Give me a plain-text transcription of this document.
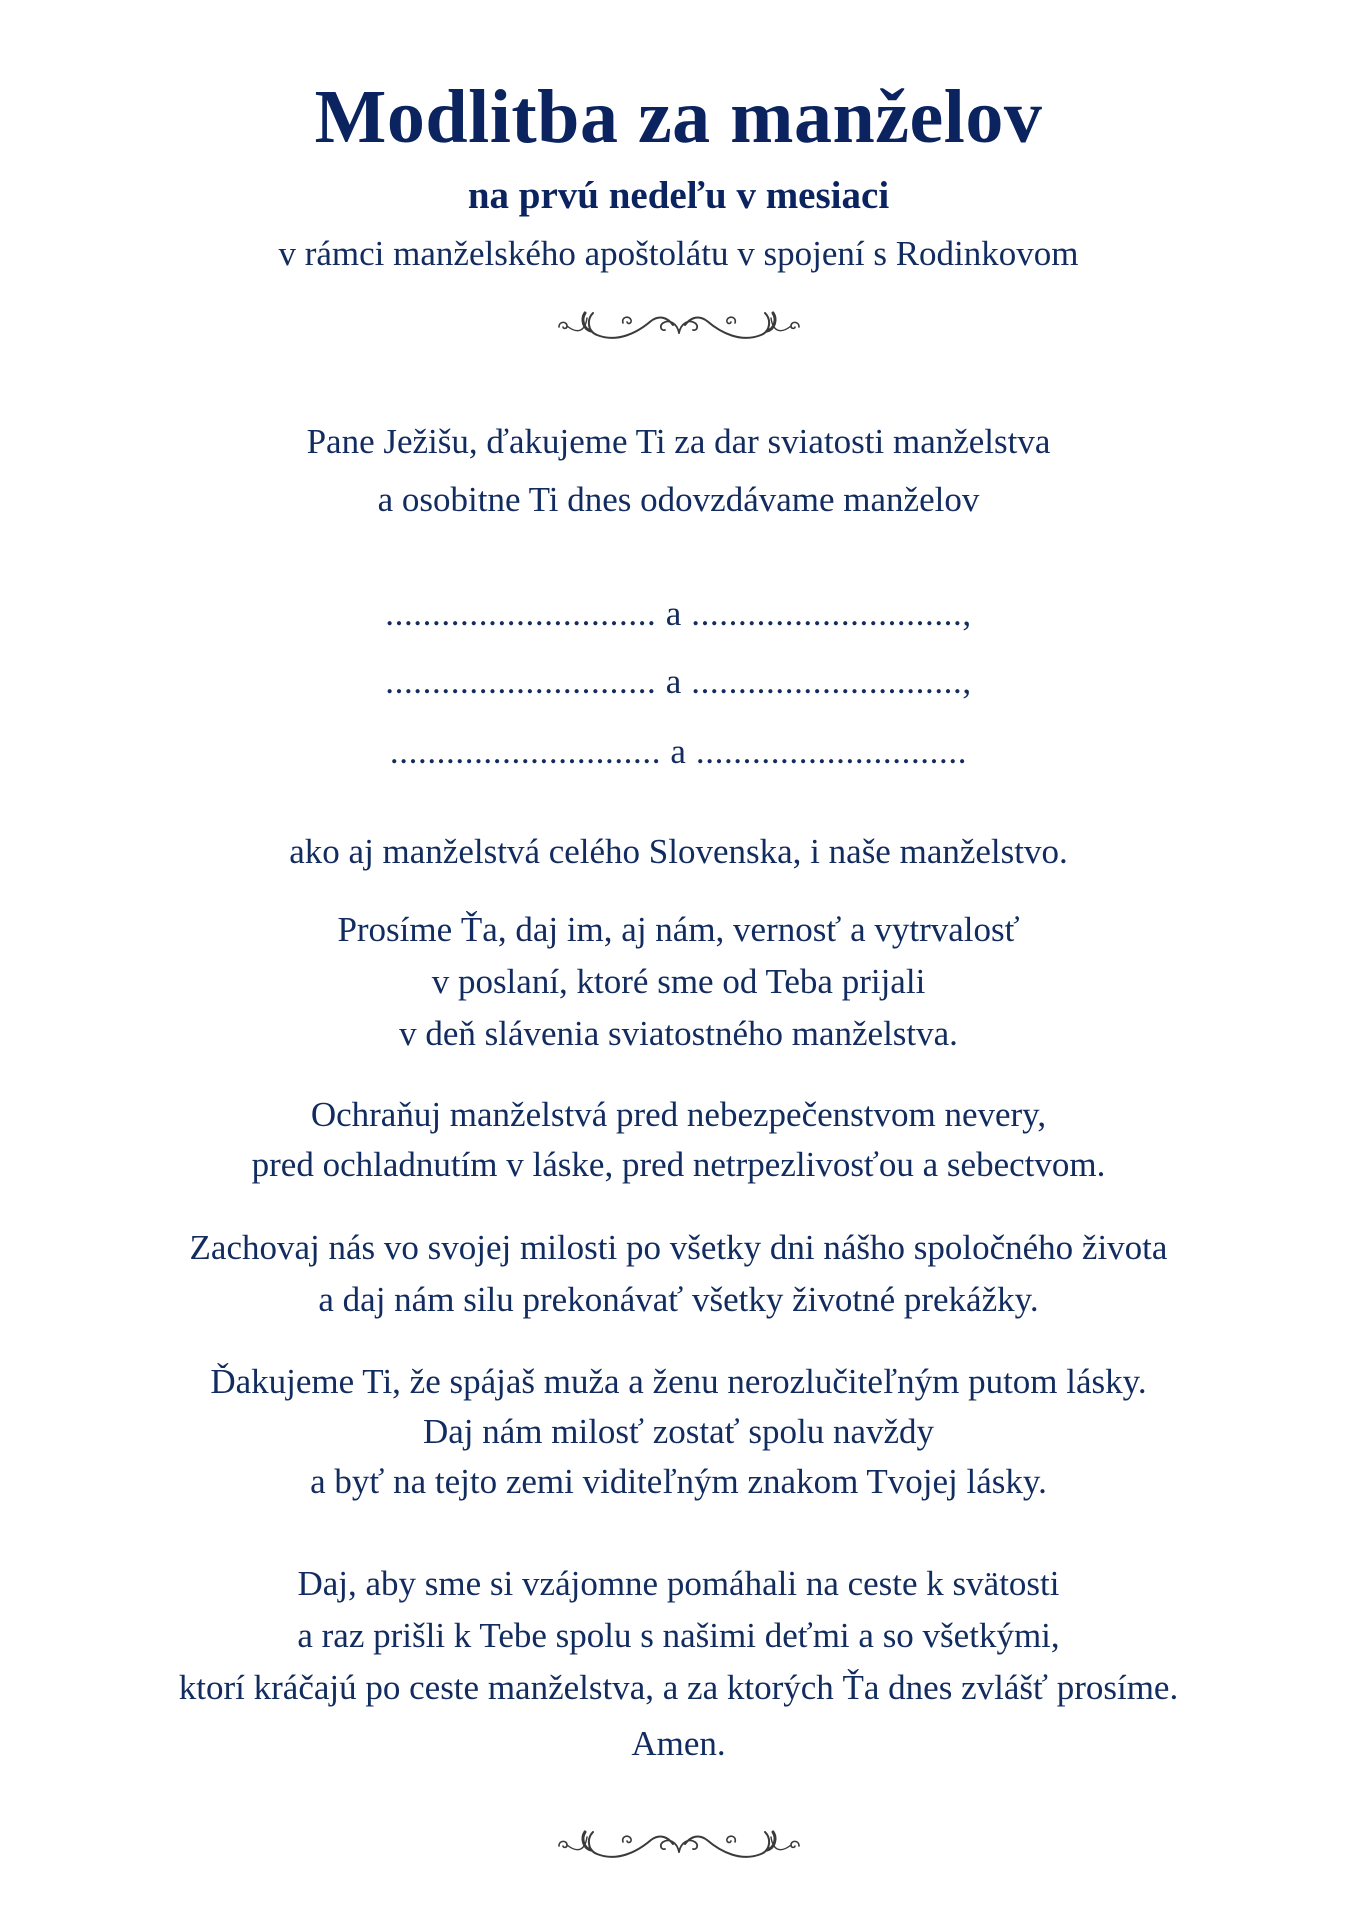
Modlitba za manželov
na prvú nedeľu v mesiaci
v rámci manželského apoštolátu v spojení s Rodinkovom
Pane Ježišu, ďakujeme Ti za dar sviatosti manželstva
a osobitne Ti dnes odovzdávame manželov
............................. a .............................,
............................. a .............................,
............................. a .............................
ako aj manželstvá celého Slovenska, i naše manželstvo.
Prosíme Ťa, daj im, aj nám, vernosť a vytrvalosť
v poslaní, ktoré sme od Teba prijali
v deň slávenia sviatostného manželstva.
Ochraňuj manželstvá pred nebezpečenstvom nevery,
pred ochladnutím v láske, pred netrpezlivosťou a sebectvom.
Zachovaj nás vo svojej milosti po všetky dni nášho spoločného života
a daj nám silu prekonávať všetky životné prekážky.
Ďakujeme Ti, že spájaš muža a ženu nerozlučiteľným putom lásky.
Daj nám milosť zostať spolu navždy
a byť na tejto zemi viditeľným znakom Tvojej lásky.
Daj, aby sme si vzájomne pomáhali na ceste k svätosti
a raz prišli k Tebe spolu s našimi deťmi a so všetkými,
ktorí kráčajú po ceste manželstva, a za ktorých Ťa dnes zvlášť prosíme.
Amen.
